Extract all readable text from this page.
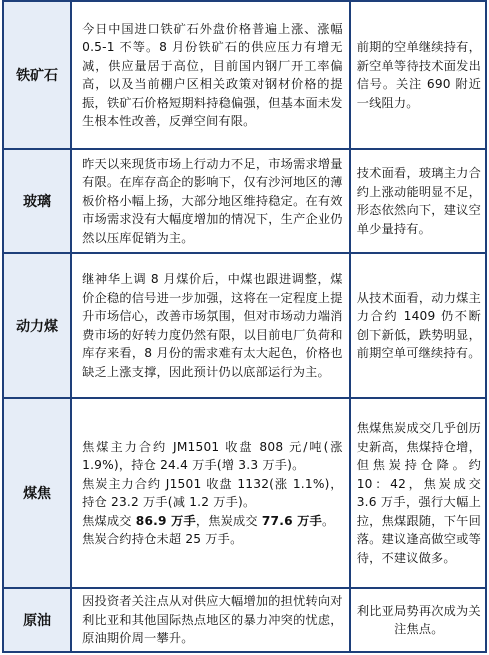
铁矿石	今日中国进口铁矿石外盘价格普遍上涨、涨幅 0.5-1 不等。8 月份铁矿石的供应压力有增无减，供应量居于高位，目前国内钢厂开工率偏高，以及当前棚户区相关政策对钢材价格的提振，铁矿石价格短期料持稳偏强，但基本面未发生根本性改善，反弹空间有限。	前期的空单继续持有，新空单等待技术面发出信号。关注 690 附近一线阻力。

玻璃	昨天以来现货市场上行动力不足，市场需求增量有限。在库存高企的影响下，仅有沙河地区的薄板价格小幅上扬，大部分地区维持稳定。在有效市场需求没有大幅度增加的情况下，生产企业仍然以压库促销为主。	技术面看，玻璃主力合约上涨动能明显不足，形态依然向下，建议空单少量持有。

动力煤	继神华上调 8 月煤价后，中煤也跟进调整，煤价企稳的信号进一步加强，这将在一定程度上提升市场信心，改善市场氛围，但对市场动力端消费市场的好转力度仍然有限，以目前电厂负荷和库存来看，8 月份的需求难有太大起色，价格也缺乏上涨支撑，因此预计仍以底部运行为主。	从技术面看，动力煤主力合约 1409 仍不断创下新低，跌势明显，前期空单可继续持有。

煤焦	焦煤主力合约 JM1501 收盘 808 元/吨(涨 1.9%)，持仓 24.4 万手(增 3.3 万手)。
焦炭主力合约 J1501 收盘 1132(涨 1.1%)，持仓 23.2 万手(减 1.2 万手)。
焦煤成交 86.9 万手，焦炭成交 77.6 万手。
焦炭合约持仓未超 25 万手。	焦煤焦炭成交几乎创历史新高，焦煤持仓增，但焦炭持仓降。约 10：42，焦炭成交 3.6 万手，强行大幅上拉，焦煤跟随，下午回落。建议逢高做空或等待，不建议做多。

原油	因投资者关注点从对供应大幅增加的担忧转向对利比亚和其他国际热点地区的暴力冲突的忧虑，原油期价周一攀升。	利比亚局势再次成为关注焦点。
